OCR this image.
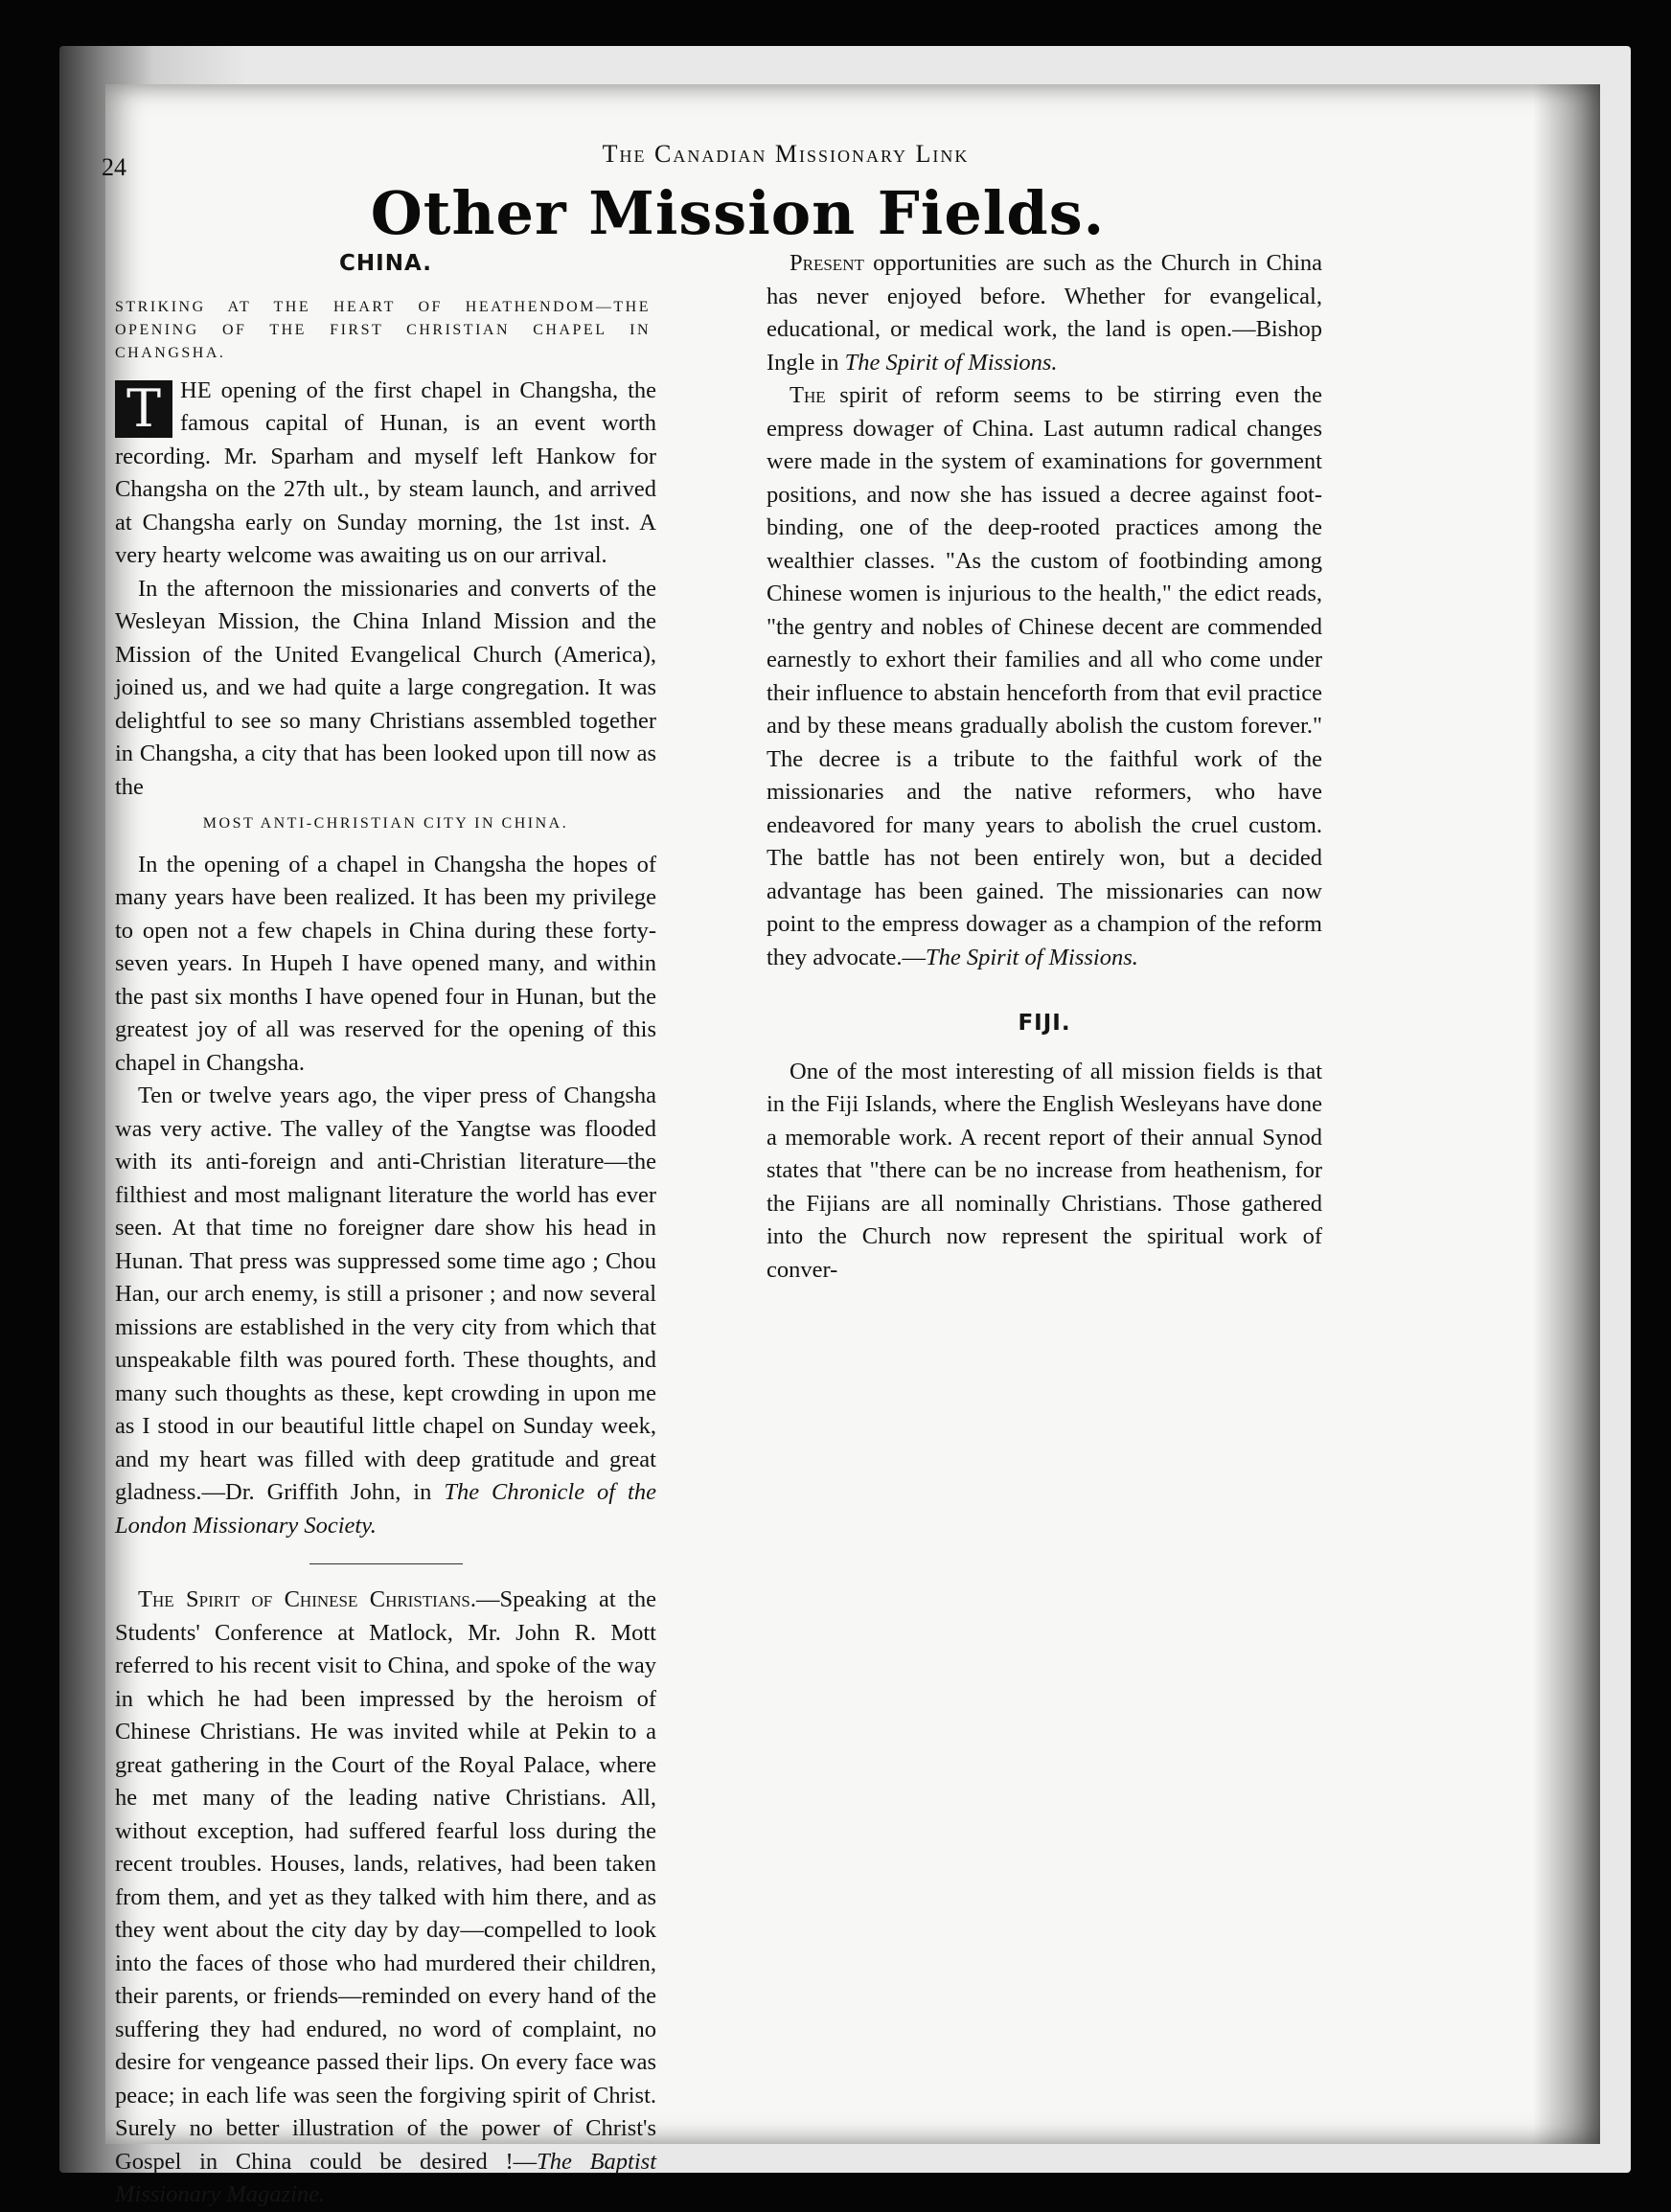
24	The Canadian Missionary Link
Other Mission Fields.
CHINA.
STRIKING AT THE HEART OF HEATHENDOM—THE OPENING OF THE FIRST CHRISTIAN CHAPEL IN CHANGSHA.

T HE opening of the first chapel in Changsha, the famous capital of Hunan, is an event worth recording. Mr. Sparham and myself left Hankow for Changsha on the 27th ult., by steam launch, and arrived at Changsha early on Sunday morning, the 1st inst. A very hearty welcome was awaiting us on our arrival.

In the afternoon the missionaries and converts of the Wesleyan Mission, the China Inland Mission and the Mission of the United Evangelical Church (America), joined us, and we had quite a large congregation. It was delightful to see so many Christians assembled together in Changsha, a city that has been looked upon till now as the

MOST ANTI-CHRISTIAN CITY IN CHINA.

In the opening of a chapel in Changsha the hopes of many years have been realized. It has been my privilege to open not a few chapels in China during these forty-seven years. In Hupeh I have opened many, and within the past six months I have opened four in Hunan, but the greatest joy of all was reserved for the opening of this chapel in Changsha.

Ten or twelve years ago, the viper press of Changsha was very active. The valley of the Yangtse was flooded with its anti-foreign and anti-Christian literature—the filthiest and most malignant literature the world has ever seen. At that time no foreigner dare show his head in Hunan. That press was suppressed some time ago ; Chou Han, our arch enemy, is still a prisoner ; and now several missions are established in the very city from which that unspeakable filth was poured forth. These thoughts, and many such thoughts as these, kept crowding in upon me as I stood in our beautiful little chapel on Sunday week, and my heart was filled with deep gratitude and great gladness.—Dr. Griffith John, in The Chronicle of the London Missionary Society.

The Spirit of Chinese Christians.—Speaking at the Students' Conference at Matlock, Mr. John R. Mott referred to his recent visit to China, and spoke of the way in which he had been impressed by the heroism of Chinese Christians. He was invited while at Pekin to a great gathering in the Court of the Royal Palace, where he met many of the leading native Christians. All, without exception, had suffered fearful loss during the recent troubles. Houses, lands, relatives, had been taken from them, and yet as they talked with him there, and as they went about the city day by day—compelled to look into the faces of those who had murdered their children, their parents, or friends—reminded on every hand of the suffering they had endured, no word of complaint, no desire for vengeance passed their lips. On every face was peace; in each life was seen the forgiving spirit of Christ. Surely no better illustration of the power of Christ's Gospel in China could be desired !—The Baptist Missionary Magazine.

Present opportunities are such as the Church in China has never enjoyed before. Whether for evangelical, educational, or medical work, the land is open.—Bishop Ingle in The Spirit of Missions.

The spirit of reform seems to be stirring even the empress dowager of China. Last autumn radical changes were made in the system of examinations for government positions, and now she has issued a decree against foot-binding, one of the deep-rooted practices among the wealthier classes. "As the custom of footbinding among Chinese women is injurious to the health," the edict reads, "the gentry and nobles of Chinese decent are commended earnestly to exhort their families and all who come under their influence to abstain henceforth from that evil practice and by these means gradually abolish the custom forever." The decree is a tribute to the faithful work of the missionaries and the native reformers, who have endeavored for many years to abolish the cruel custom. The battle has not been entirely won, but a decided advantage has been gained. The missionaries can now point to the empress dowager as a champion of the reform they advocate.—The Spirit of Missions.

FIJI.

One of the most interesting of all mission fields is that in the Fiji Islands, where the English Wesleyans have done a memorable work. A recent report of their annual Synod states that "there can be no increase from heathenism, for the Fijians are all nominally Christians. Those gathered into the Church now represent the spiritual work of conver-
